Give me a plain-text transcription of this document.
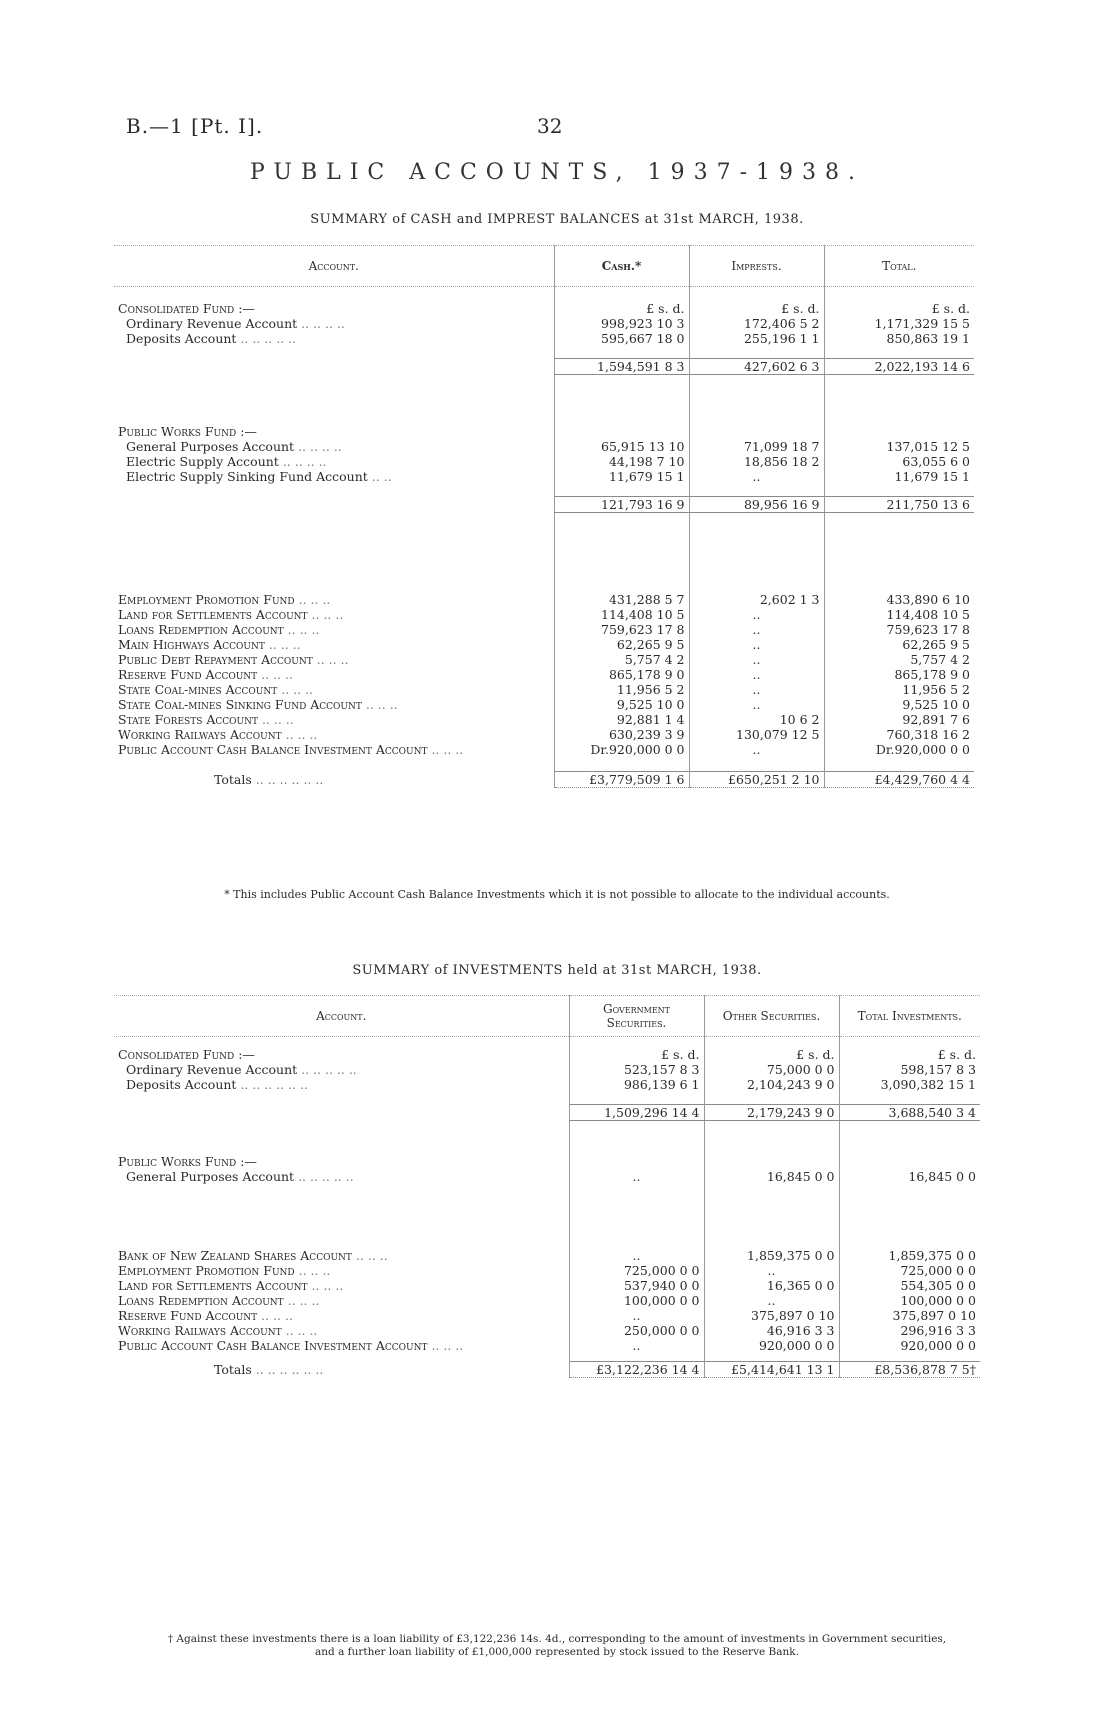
B.—1 [Pt. I].	32
PUBLIC ACCOUNTS, 1937-1938.
SUMMARY of CASH and IMPREST BALANCES at 31st MARCH, 1938.
Account.	Cash.*	Imprests.	Total.

Consolidated Fund :—	£ s. d.	£ s. d.	£ s. d.
Ordinary Revenue Account .. .. .. ..	998,923 10 3	172,406 5 2	1,171,329 15 5
Deposits Account .. .. .. .. ..	595,667 18 0	255,196 1 1	850,863 19 1

	1,594,591 8 3	427,602 6 3	2,022,193 14 6

Public Works Fund :—			
General Purposes Account .. .. .. ..	65,915 13 10	71,099 18 7	137,015 12 5
Electric Supply Account .. .. .. ..	44,198 7 10	18,856 18 2	63,055 6 0
Electric Supply Sinking Fund Account .. ..	11,679 15 1	..	11,679 15 1

	121,793 16 9	89,956 16 9	211,750 13 6

Employment Promotion Fund .. .. ..	431,288 5 7	2,602 1 3	433,890 6 10
Land for Settlements Account .. .. ..	114,408 10 5	..	114,408 10 5
Loans Redemption Account .. .. ..	759,623 17 8	..	759,623 17 8
Main Highways Account .. .. ..	62,265 9 5	..	62,265 9 5
Public Debt Repayment Account .. .. ..	5,757 4 2	..	5,757 4 2
Reserve Fund Account .. .. ..	865,178 9 0	..	865,178 9 0
State Coal-mines Account .. .. ..	11,956 5 2	..	11,956 5 2
State Coal-mines Sinking Fund Account .. .. ..	9,525 10 0	..	9,525 10 0
State Forests Account .. .. ..	92,881 1 4	10 6 2	92,891 7 6
Working Railways Account .. .. ..	630,239 3 9	130,079 12 5	760,318 16 2
Public Account Cash Balance Investment Account .. .. ..	Dr.920,000 0 0	..	Dr.920,000 0 0

Totals .. .. .. .. .. ..	£3,779,509 1 6	£650,251 2 10	£4,429,760 4 4
* This includes Public Account Cash Balance Investments which it is not possible to allocate to the individual accounts.
SUMMARY of INVESTMENTS held at 31st MARCH, 1938.
Account.	Government Securities.	Other Securities.	Total Investments.

Consolidated Fund :—	£ s. d.	£ s. d.	£ s. d.
Ordinary Revenue Account .. .. .. .. ..	523,157 8 3	75,000 0 0	598,157 8 3
Deposits Account .. .. .. .. .. ..	986,139 6 1	2,104,243 9 0	3,090,382 15 1

	1,509,296 14 4	2,179,243 9 0	3,688,540 3 4

Public Works Fund :—			
General Purposes Account .. .. .. .. ..	..	16,845 0 0	16,845 0 0

Bank of New Zealand Shares Account .. .. ..	..	1,859,375 0 0	1,859,375 0 0
Employment Promotion Fund .. .. ..	725,000 0 0	..	725,000 0 0
Land for Settlements Account .. .. ..	537,940 0 0	16,365 0 0	554,305 0 0
Loans Redemption Account .. .. ..	100,000 0 0	..	100,000 0 0
Reserve Fund Account .. .. ..	..	375,897 0 10	375,897 0 10
Working Railways Account .. .. ..	250,000 0 0	46,916 3 3	296,916 3 3
Public Account Cash Balance Investment Account .. .. ..	..	920,000 0 0	920,000 0 0

Totals .. .. .. .. .. ..	£3,122,236 14 4	£5,414,641 13 1	£8,536,878 7 5†
† Against these investments there is a loan liability of £3,122,236 14s. 4d., corresponding to the amount of investments in Government securities,
and a further loan liability of £1,000,000 represented by stock issued to the Reserve Bank.
